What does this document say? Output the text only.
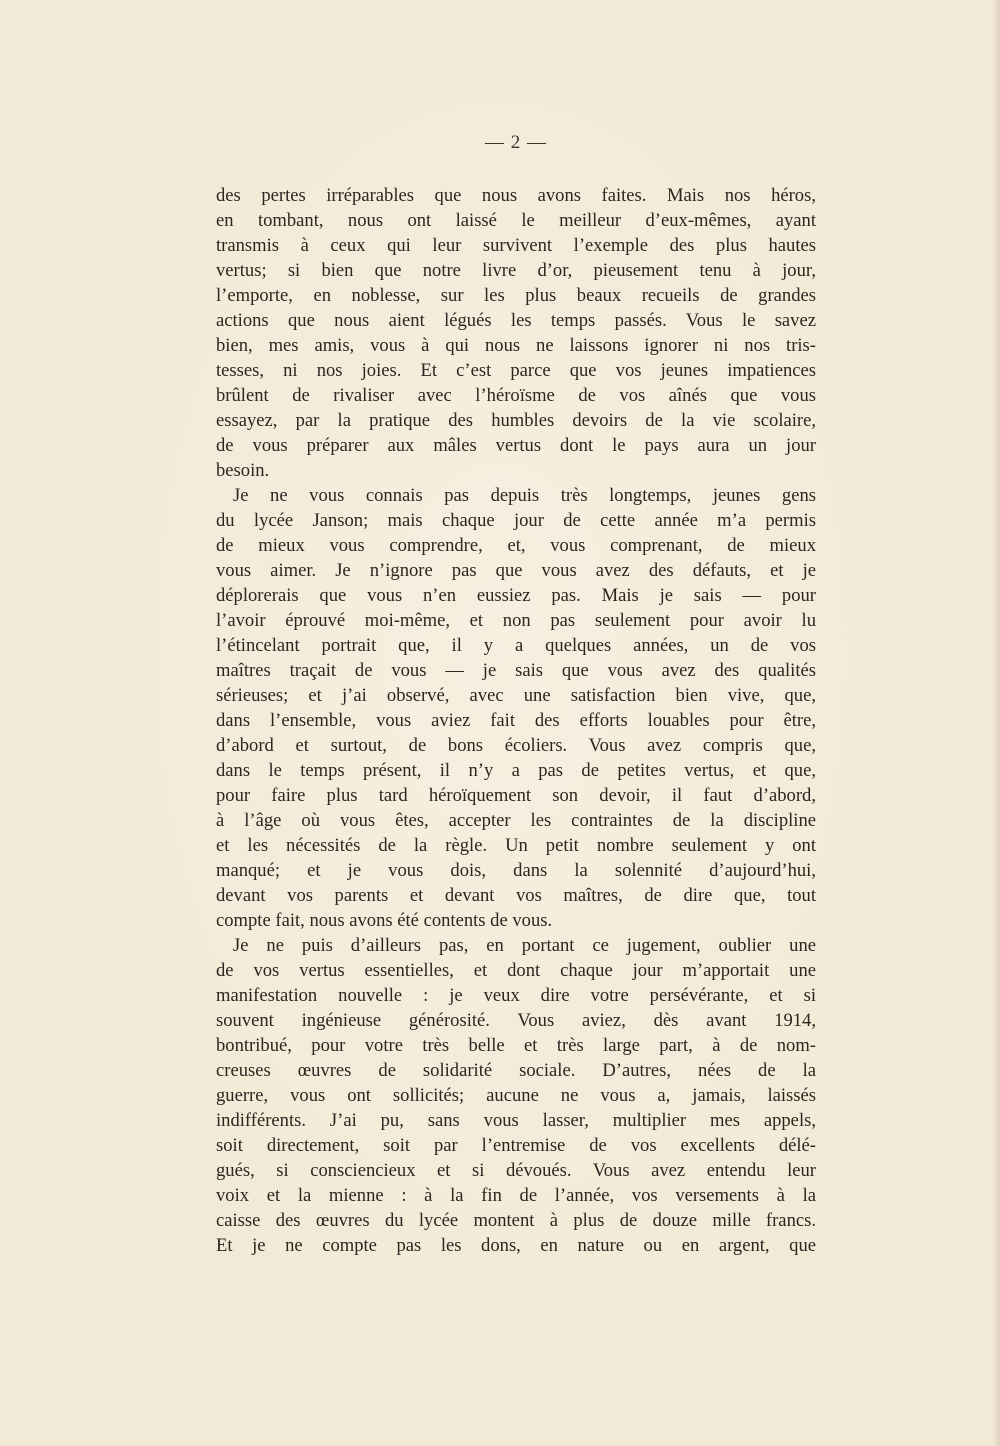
— 2 —
des pertes irréparables que nous avons faites. Mais nos héros,
en tombant, nous ont laissé le meilleur d’eux-mêmes, ayant
transmis à ceux qui leur survivent l’exemple des plus hautes
vertus; si bien que notre livre d’or, pieusement tenu à jour,
l’emporte, en noblesse, sur les plus beaux recueils de grandes
actions que nous aient légués les temps passés. Vous le savez
bien, mes amis, vous à qui nous ne laissons ignorer ni nos tris-
tesses, ni nos joies. Et c’est parce que vos jeunes impatiences
brûlent de rivaliser avec l’héroïsme de vos aînés que vous
essayez, par la pratique des humbles devoirs de la vie scolaire,
de vous préparer aux mâles vertus dont le pays aura un jour
besoin.
Je ne vous connais pas depuis très longtemps, jeunes gens
du lycée Janson; mais chaque jour de cette année m’a permis
de mieux vous comprendre, et, vous comprenant, de mieux
vous aimer. Je n’ignore pas que vous avez des défauts, et je
déplorerais que vous n’en eussiez pas. Mais je sais — pour
l’avoir éprouvé moi-même, et non pas seulement pour avoir lu
l’étincelant portrait que, il y a quelques années, un de vos
maîtres traçait de vous — je sais que vous avez des qualités
sérieuses; et j’ai observé, avec une satisfaction bien vive, que,
dans l’ensemble, vous aviez fait des efforts louables pour être,
d’abord et surtout, de bons écoliers. Vous avez compris que,
dans le temps présent, il n’y a pas de petites vertus, et que,
pour faire plus tard héroïquement son devoir, il faut d’abord,
à l’âge où vous êtes, accepter les contraintes de la discipline
et les nécessités de la règle. Un petit nombre seulement y ont
manqué; et je vous dois, dans la solennité d’aujourd’hui,
devant vos parents et devant vos maîtres, de dire que, tout
compte fait, nous avons été contents de vous.
Je ne puis d’ailleurs pas, en portant ce jugement, oublier une
de vos vertus essentielles, et dont chaque jour m’apportait une
manifestation nouvelle : je veux dire votre persévérante, et si
souvent ingénieuse générosité. Vous aviez, dès avant 1914,
bontribué, pour votre très belle et très large part, à de nom-
creuses œuvres de solidarité sociale. D’autres, nées de la
guerre, vous ont sollicités; aucune ne vous a, jamais, laissés
indifférents. J’ai pu, sans vous lasser, multiplier mes appels,
soit directement, soit par l’entremise de vos excellents délé-
gués, si consciencieux et si dévoués. Vous avez entendu leur
voix et la mienne : à la fin de l’année, vos versements à la
caisse des œuvres du lycée montent à plus de douze mille francs.
Et je ne compte pas les dons, en nature ou en argent, que
